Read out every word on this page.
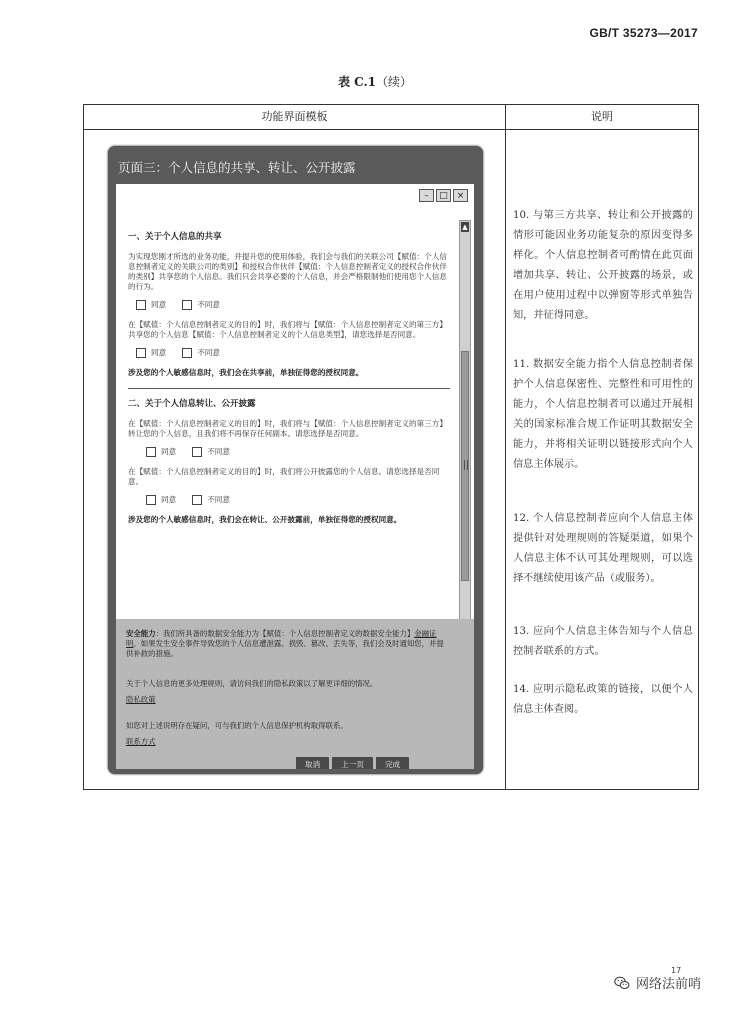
GB/T 35273—2017
表 C.1（续）
功能界面模板	说明
页面三：个人信息的共享、转让、公开披露
–	□ ×
▲
一、关于个人信息的共享
为实现您刚才所选的业务功能，并提升您的使用体验，我们会与我们的关联公司【赋值：个人信息控制者定义的关联公司的类别】和授权合作伙伴【赋值：个人信息控制者定义的授权合作伙伴的类别】共享您的个人信息。我们只会共享必要的个人信息，并会严格限制他们使用您个人信息的行为。
同意	不同意
在【赋值：个人信息控制者定义的目的】时，我们将与【赋值：个人信息控制者定义的第三方】共享您的个人信息【赋值：个人信息控制者定义的个人信息类型】，请您选择是否同意。
同意	不同意
涉及您的个人敏感信息时，我们会在共享前，单独征得您的授权同意。
二、关于个人信息转让、公开披露
在【赋值：个人信息控制者定义的目的】时，我们将与【赋值：个人信息控制者定义的第三方】转让您的个人信息，且我们将不再保存任何副本。请您选择是否同意。
同意	不同意
在【赋值：个人信息控制者定义的目的】时，我们将公开披露您的个人信息。请您选择是否同意。
同意	不同意
涉及您的个人敏感信息时，我们会在转让、公开披露前，单独征得您的授权同意。
安全能力：我们所具备的数据安全能力为【赋值：个人信息控制者定义的数据安全能力】金融证明。如果发生安全事件导致您的个人信息遭泄露、损毁、篡改、丢失等，我们会及时通知您，并提供补救的措施。
关于个人信息的更多处理规则，请访问我们的隐私政策以了解更详细的情况。
隐私政策
如您对上述说明存在疑问，可与我们的个人信息保护机构取得联系。
联系方式
取消	上一页	完成
10. 与第三方共享、转让和公开披露的情形可能因业务功能复杂的原因变得多样化。个人信息控制者可酌情在此页面增加共享、转让、公开披露的场景，或在用户使用过程中以弹窗等形式单独告知，并征得同意。
11. 数据安全能力指个人信息控制者保护个人信息保密性、完整性和可用性的能力，个人信息控制者可以通过开展相关的国家标准合规工作证明其数据安全能力，并将相关证明以链接形式向个人信息主体展示。
12. 个人信息控制者应向个人信息主体提供针对处理规则的答疑渠道，如果个人信息主体不认可其处理规则，可以选择不继续使用该产品（或服务）。
13. 应向个人信息主体告知与个人信息控制者联系的方式。
14. 应明示隐私政策的链接，以便个人信息主体查阅。
17
网络法前哨
